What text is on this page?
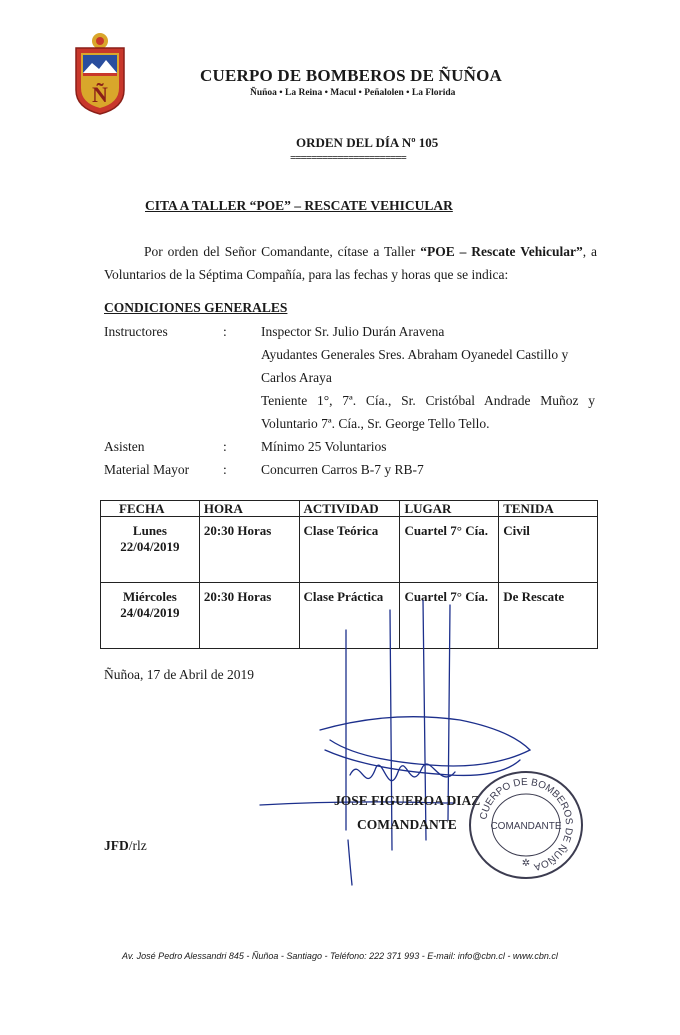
Ñ
CUERPO DE BOMBEROS DE ÑUÑOA
Ñuñoa • La Reina • Macul • Peñalolen • La Florida
ORDEN DEL DÍA Nº 105
======================
CITA A TALLER “POE” – RESCATE VEHICULAR
Por orden del Señor Comandante, cítase a Taller “POE – Rescate Vehicular”, a Voluntarios de la Séptima Compañía, para las fechas y horas que se indica:
CONDICIONES GENERALES
Instructores	:	Inspector Sr. Julio Durán Aravena
Ayudantes Generales Sres. Abraham Oyanedel Castillo y
Carlos Araya
Teniente 1°, 7ª. Cía., Sr. Cristóbal Andrade Muñoz y
Voluntario 7ª. Cía., Sr. George Tello Tello.
Asisten	:	Mínimo 25 Voluntarios
Material Mayor	:	Concurren Carros B-7 y RB-7
FECHA	HORA	ACTIVIDAD	LUGAR	TENIDA

Lunes
22/04/2019	20:30 Horas	Clase Teórica	Cuartel 7° Cía.	Civil

Miércoles
24/04/2019	20:30 Horas	Clase Práctica	Cuartel 7° Cía.	De Rescate
Ñuñoa, 17 de Abril de 2019
JOSE FIGUEROA DIAZ
COMANDANTE
CUERPO DE BOMBEROS DE ÑUÑOA
COMANDANTE
✲
JFD/rlz
Av. José Pedro Alessandri 845 - Ñuñoa - Santiago - Teléfono: 222 371 993 - E-mail: info@cbn.cl - www.cbn.cl
